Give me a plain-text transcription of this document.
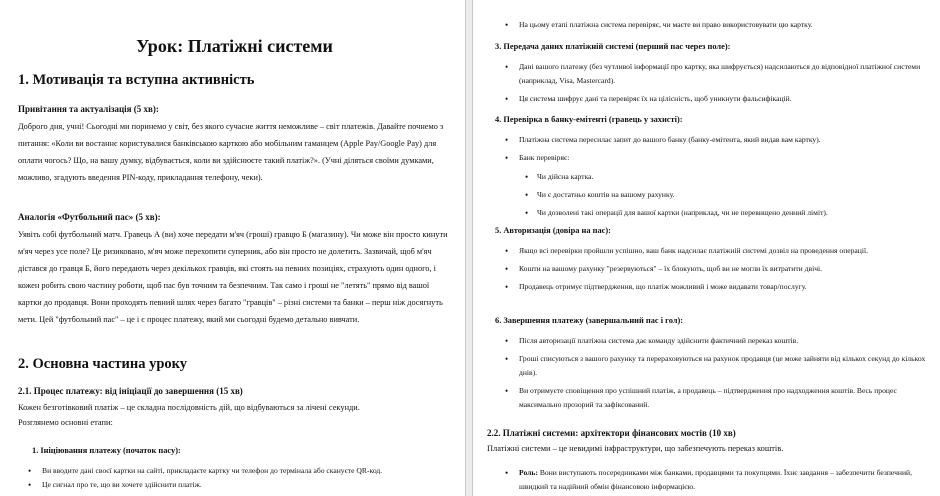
Урок: Платіжні системи
1. Мотивація та вступна активність
Привітання та актуалізація (5 хв):
Доброго дня, учні! Сьогодні ми поринемо у світ, без якого сучасне життя неможливе – світ платежів. Давайте почнемо з питання: «Коли ви востаннє користувалися банківською карткою або мобільним гаманцем (Apple Pay/Google Pay) для оплати чогось? Що, на вашу думку, відбувається, коли ви здійснюєте такий платіж?». (Учні діляться своїми думками, можливо, згадують введення PIN-коду, прикладання телефону, чеки).
Аналогія «Футбольний пас» (5 хв):
Уявіть собі футбольний матч. Гравець А (ви) хоче передати м'яч (гроші) гравцю Б (магазину). Чи може він просто кинути м'яч через усе поле? Це ризиковано, м'яч може перехопити суперник, або він просто не долетить. Зазвичай, щоб м'яч дістався до гравця Б, його передають через декількох гравців, які стоять на певних позиціях, страхують один одного, і кожен робить свою частину роботи, щоб пас був точним та безпечним. Так само і гроші не "летять" прямо від вашої картки до продавця. Вони проходять певний шлях через багато "гравців" – різні системи та банки – перш ніж досягнуть мети. Цей "футбольний пас" – це і є процес платежу, який ми сьогодні будемо детально вивчати.
2. Основна частина уроку
2.1. Процес платежу: від ініціації до завершення (15 хв)
Кожен безготівковий платіж – це складна послідовність дій, що відбуваються за лічені секунди.
Розглянемо основні етапи:
1. Ініціювання платежу (початок пасу):
• Ви вводите дані своєї картки на сайті, прикладаєте картку чи телефон до термінала або скануєте QR-код.
• Це сигнал про те, що ви хочете здійснити платіж.
• На цьому етапі платіжна система перевіряє, чи маєте ви право використовувати цю картку.
3. Передача даних платіжній системі (перший пас через поле):
• Дані вашого платежу (без чутливої інформації про картку, яка шифрується) надсилаються до відповідної платіжної системи (наприклад, Visa, Mastercard).
• Ця система шифрує дані та перевіряє їх на цілісність, щоб уникнути фальсифікацій.
4. Перевірка в банку-емітенті (гравець у захисті):
• Платіжна система пересилає запит до вашого банку (банку-емітента, який видав вам картку).
• Банк перевіряє:
• Чи дійсна картка.
• Чи є достатньо коштів на вашому рахунку.
• Чи дозволені такі операції для вашої картки (наприклад, чи не перевищено денний ліміт).
5. Авторизація (довіра на пас):
• Якщо всі перевірки пройшли успішно, ваш банк надсилає платіжній системі дозвіл на проведення операції.
• Кошти на вашому рахунку "резервуються" – їх блокують, щоб ви не могли їх витратити двічі.
• Продавець отримує підтвердження, що платіж можливий і може видавати товар/послугу.
6. Завершення платежу (завершальний пас і гол):
• Після авторизації платіжна система дає команду здійснити фактичний переказ коштів.
• Гроші списуються з вашого рахунку та перераховуються на рахунок продавця (це може зайняти від кількох секунд до кількох днів).
• Ви отримуєте сповіщення про успішний платіж, а продавець – підтвердження про надходження коштів. Весь процес максимально прозорий та зафіксований.
2.2. Платіжні системи: архітектори фінансових мостів (10 хв)
Платіжні системи – це невидимі інфраструктури, що забезпечують переказ коштів.
• Роль: Вони виступають посередниками між банками, продавцями та покупцями. Їхнє завдання – забезпечити безпечний, швидкий та надійний обмін фінансовою інформацією.
